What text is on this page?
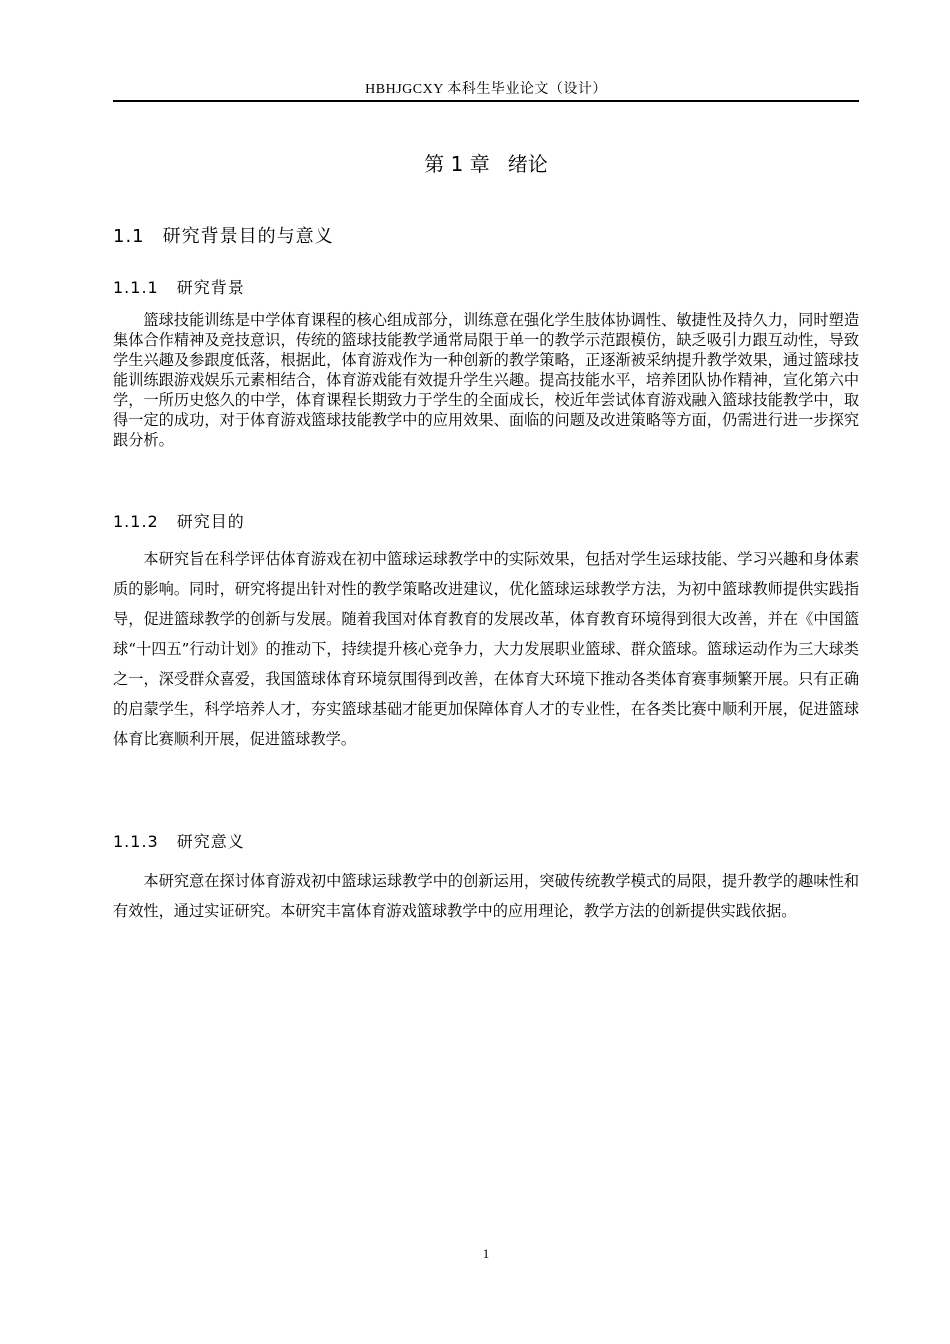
HBHJGCXY 本科生毕业论文（设计）
第 1 章 绪论
1.1 研究背景目的与意义
1.1.1 研究背景

篮球技能训练是中学体育课程的核心组成部分，训练意在强化学生肢体协调性、敏捷性及持久力，同时塑造集体合作精神及竞技意识，传统的篮球技能教学通常局限于单一的教学示范跟模仿，缺乏吸引力跟互动性，导致学生兴趣及参跟度低落，根据此，体育游戏作为一种创新的教学策略，正逐渐被采纳提升教学效果，通过篮球技能训练跟游戏娱乐元素相结合，体育游戏能有效提升学生兴趣。提高技能水平，培养团队协作精神，宣化第六中学，一所历史悠久的中学，体育课程长期致力于学生的全面成长，校近年尝试体育游戏融入篮球技能教学中，取得一定的成功，对于体育游戏篮球技能教学中的应用效果、面临的问题及改进策略等方面，仍需进行进一步探究跟分析。

1.1.2 研究目的

本研究旨在科学评估体育游戏在初中篮球运球教学中的实际效果，包括对学生运球技能、学习兴趣和身体素质的影响。同时，研究将提出针对性的教学策略改进建议，优化篮球运球教学方法，为初中篮球教师提供实践指导，促进篮球教学的创新与发展。随着我国对体育教育的发展改革，体育教育环境得到很大改善，并在《中国篮球“十四五”行动计划》的推动下，持续提升核心竞争力，大力发展职业篮球、群众篮球。篮球运动作为三大球类之一，深受群众喜爱，我国篮球体育环境氛围得到改善，在体育大环境下推动各类体育赛事频繁开展。只有正确的启蒙学生，科学培养人才，夯实篮球基础才能更加保障体育人才的专业性，在各类比赛中顺利开展，促进篮球体育比赛顺利开展，促进篮球教学。

1.1.3 研究意义

本研究意在探讨体育游戏初中篮球运球教学中的创新运用，突破传统教学模式的局限，提升教学的趣味性和有效性，通过实证研究。本研究丰富体育游戏篮球教学中的应用理论，教学方法的创新提供实践依据。

1
